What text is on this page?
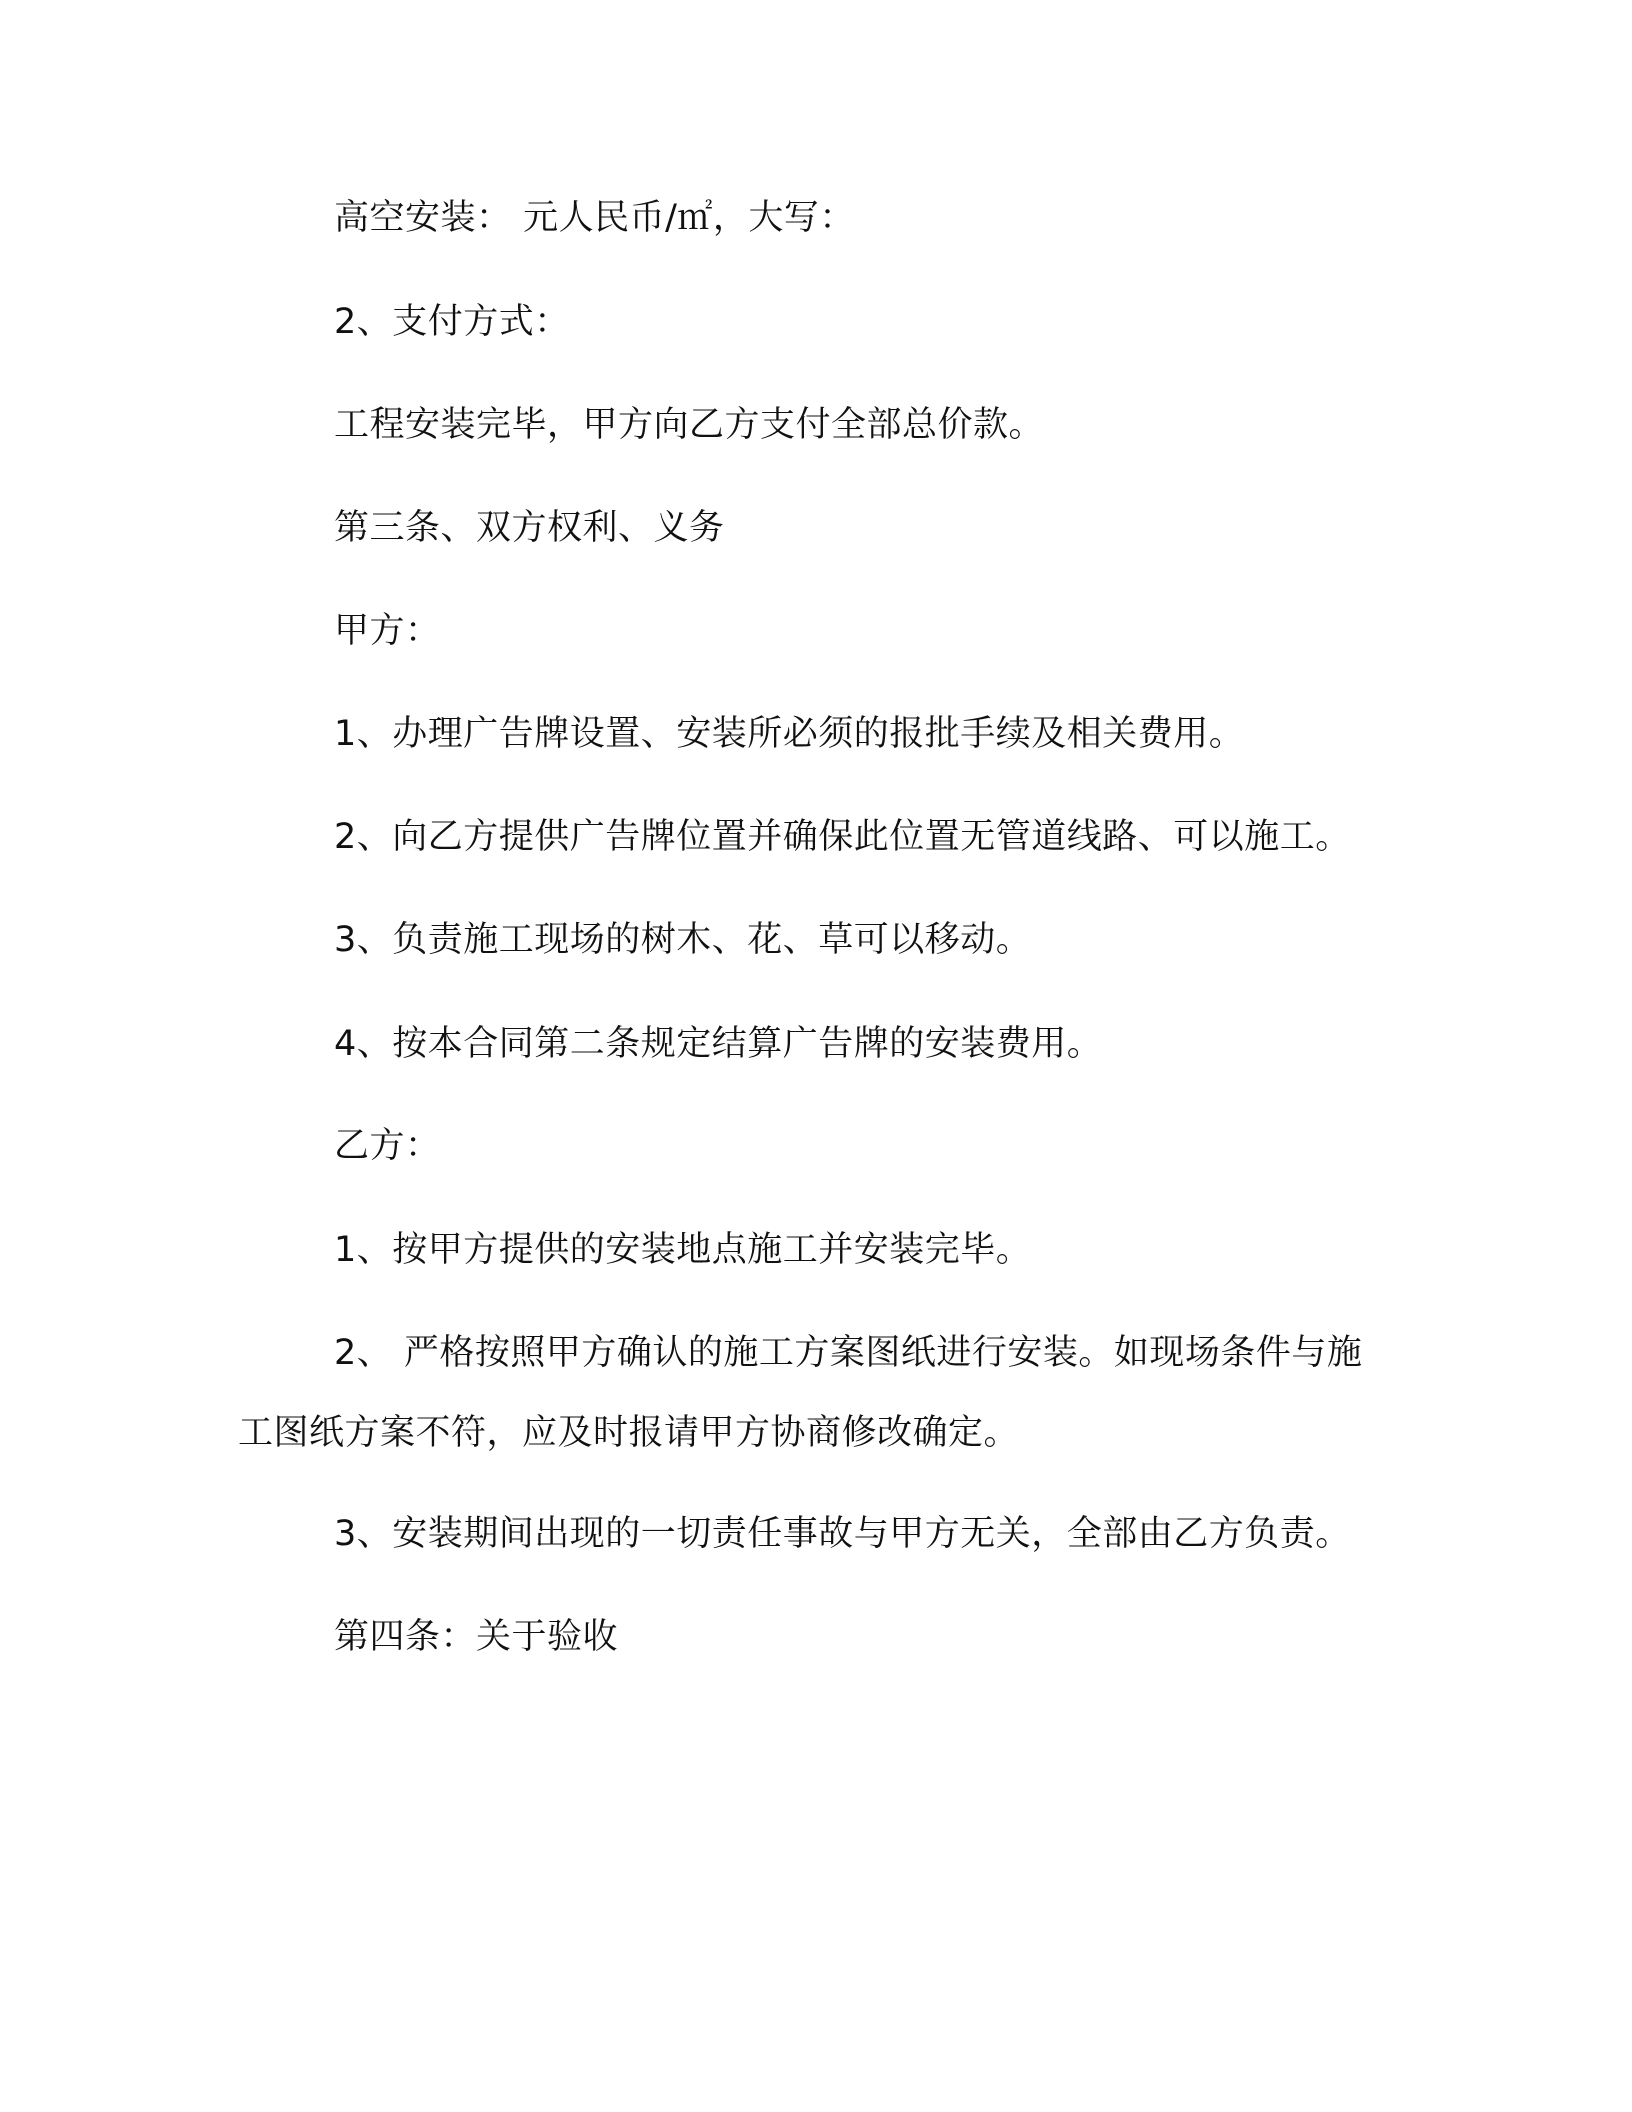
高空安装： 元人民币/㎡，大写：
2、支付方式：
工程安装完毕，甲方向乙方支付全部总价款。
第三条、双方权利、义务
甲方：
1、办理广告牌设置、安装所必须的报批手续及相关费用。
2、向乙方提供广告牌位置并确保此位置无管道线路、可以施工。
3、负责施工现场的树木、花、草可以移动。
4、按本合同第二条规定结算广告牌的安装费用。
乙方：
1、按甲方提供的安装地点施工并安装完毕。
2、 严格按照甲方确认的施工方案图纸进行安装。如现场条件与施工图纸方案不符，应及时报请甲方协商修改确定。
3、安装期间出现的一切责任事故与甲方无关，全部由乙方负责。
第四条：关于验收
